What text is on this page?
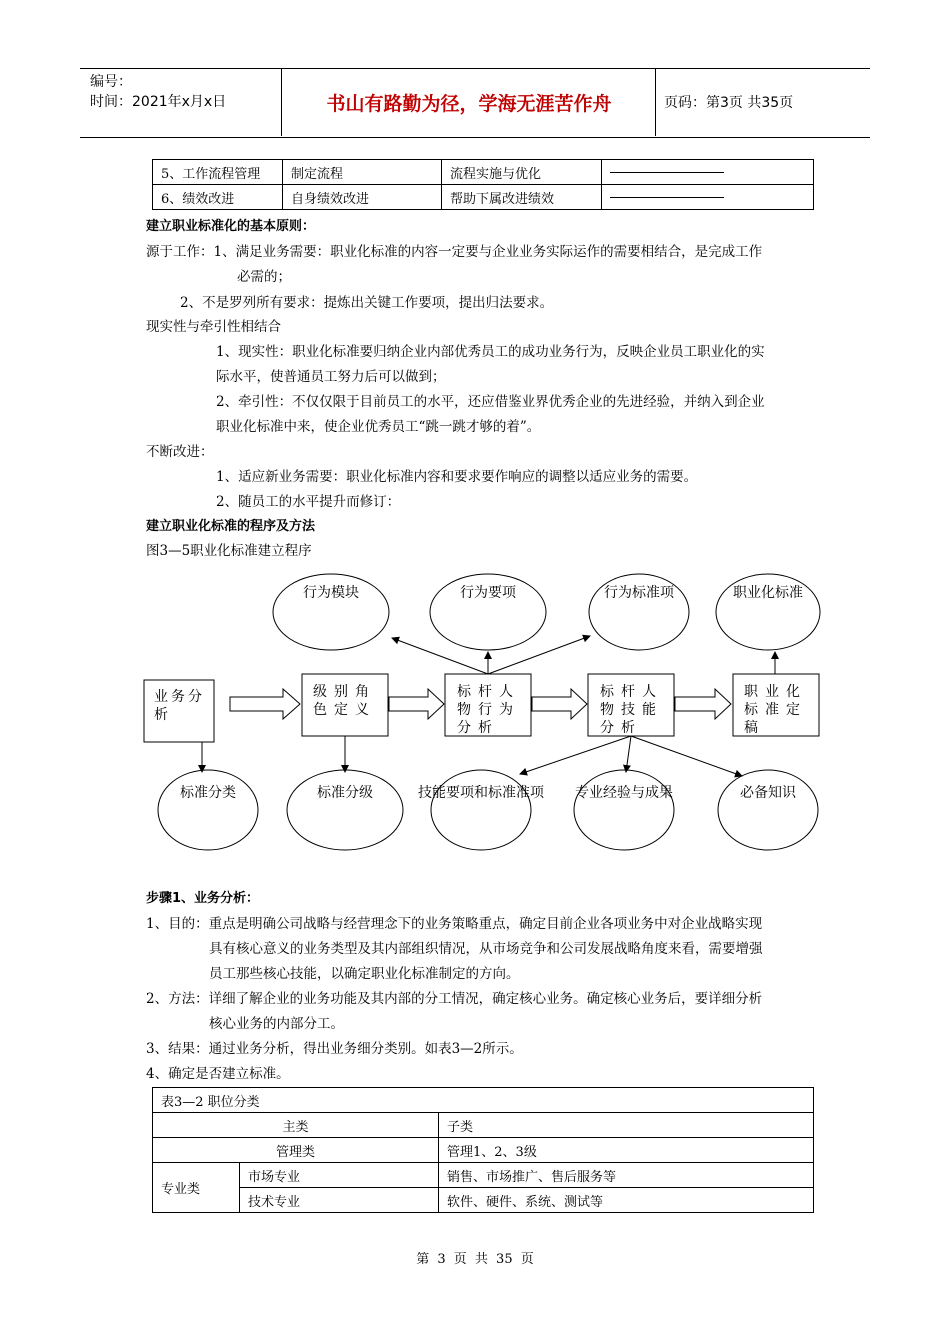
编号：
时间：2021年x月x日	书山有路勤为径，学海无涯苦作舟	页码：第3页 共35页
5、工作流程管理	制定流程	流程实施与优化	
6、绩效改进	自身绩效改进	帮助下属改进绩效	
建立职业标准化的基本原则：
源于工作：1、满足业务需要：职业化标准的内容一定要与企业业务实际运作的需要相结合，是完成工作
必需的；
2、不是罗列所有要求：提炼出关键工作要项，提出归法要求。
现实性与牵引性相结合
1、现实性：职业化标准要归纳企业内部优秀员工的成功业务行为，反映企业员工职业化的实
际水平，使普通员工努力后可以做到；
2、牵引性：不仅仅限于目前员工的水平，还应借鉴业界优秀企业的先进经验，并纳入到企业
职业化标准中来，使企业优秀员工“跳一跳才够的着”。
不断改进：
1、适应新业务需要：职业化标准内容和要求要作响应的调整以适应业务的需要。
2、随员工的水平提升而修订：
建立职业化标准的程序及方法
图3—5职业化标准建立程序
行为模块	行为要项	行为标准项	职业化标准
业务分析
级别角色定义
标杆人物行为分析
标杆人物技能分析
职业化标准定稿
标准分类	标准分级	技能要项和标准准项	专业经验与成果	必备知识
步骤1、业务分析：
1、目的：重点是明确公司战略与经营理念下的业务策略重点，确定目前企业各项业务中对企业战略实现
具有核心意义的业务类型及其内部组织情况，从市场竞争和公司发展战略角度来看，需要增强
员工那些核心技能，以确定职业化标准制定的方向。
2、方法：详细了解企业的业务功能及其内部的分工情况，确定核心业务。确定核心业务后，要详细分析
核心业务的内部分工。
3、结果：通过业务分析，得出业务细分类别。如表3—2所示。
4、确定是否建立标准。
表3—2 职位分类		
主类		子类
管理类		管理1、2、3级
专业类	市场专业	销售、市场推广、售后服务等
	技术专业	软件、硬件、系统、测试等
第 3 页 共 35 页
